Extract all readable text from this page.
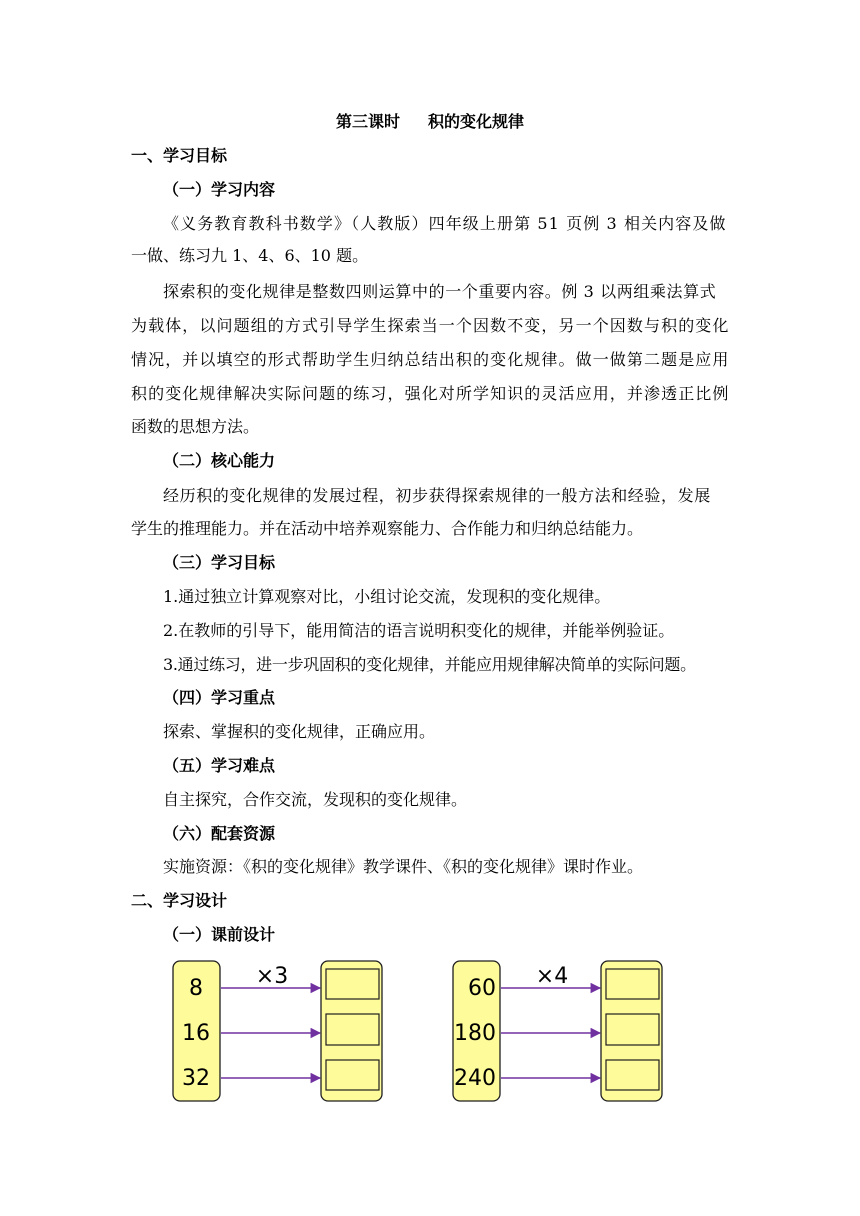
第三课时 积的变化规律
一、学习目标
（一）学习内容
《义务教育教科书数学》（人教版）四年级上册第 51 页例 3 相关内容及做
一做、练习九 1、4、6、10 题。
探索积的变化规律是整数四则运算中的一个重要内容。例 3 以两组乘法算式
为载体，以问题组的方式引导学生探索当一个因数不变，另一个因数与积的变化
情况，并以填空的形式帮助学生归纳总结出积的变化规律。做一做第二题是应用
积的变化规律解决实际问题的练习，强化对所学知识的灵活应用，并渗透正比例
函数的思想方法。
（二）核心能力
经历积的变化规律的发展过程，初步获得探索规律的一般方法和经验，发展
学生的推理能力。并在活动中培养观察能力、合作能力和归纳总结能力。
（三）学习目标
1.通过独立计算观察对比，小组讨论交流，发现积的变化规律。
2.在教师的引导下，能用简洁的语言说明积变化的规律，并能举例验证。
3.通过练习，进一步巩固积的变化规律，并能应用规律解决简单的实际问题。
（四）学习重点
探索、掌握积的变化规律，正确应用。
（五）学习难点
自主探究，合作交流，发现积的变化规律。
（六）配套资源
实施资源：《积的变化规律》教学课件、《积的变化规律》课时作业。
二、学习设计
（一）课前设计
8
16
32
×3	60
180
240
×4
